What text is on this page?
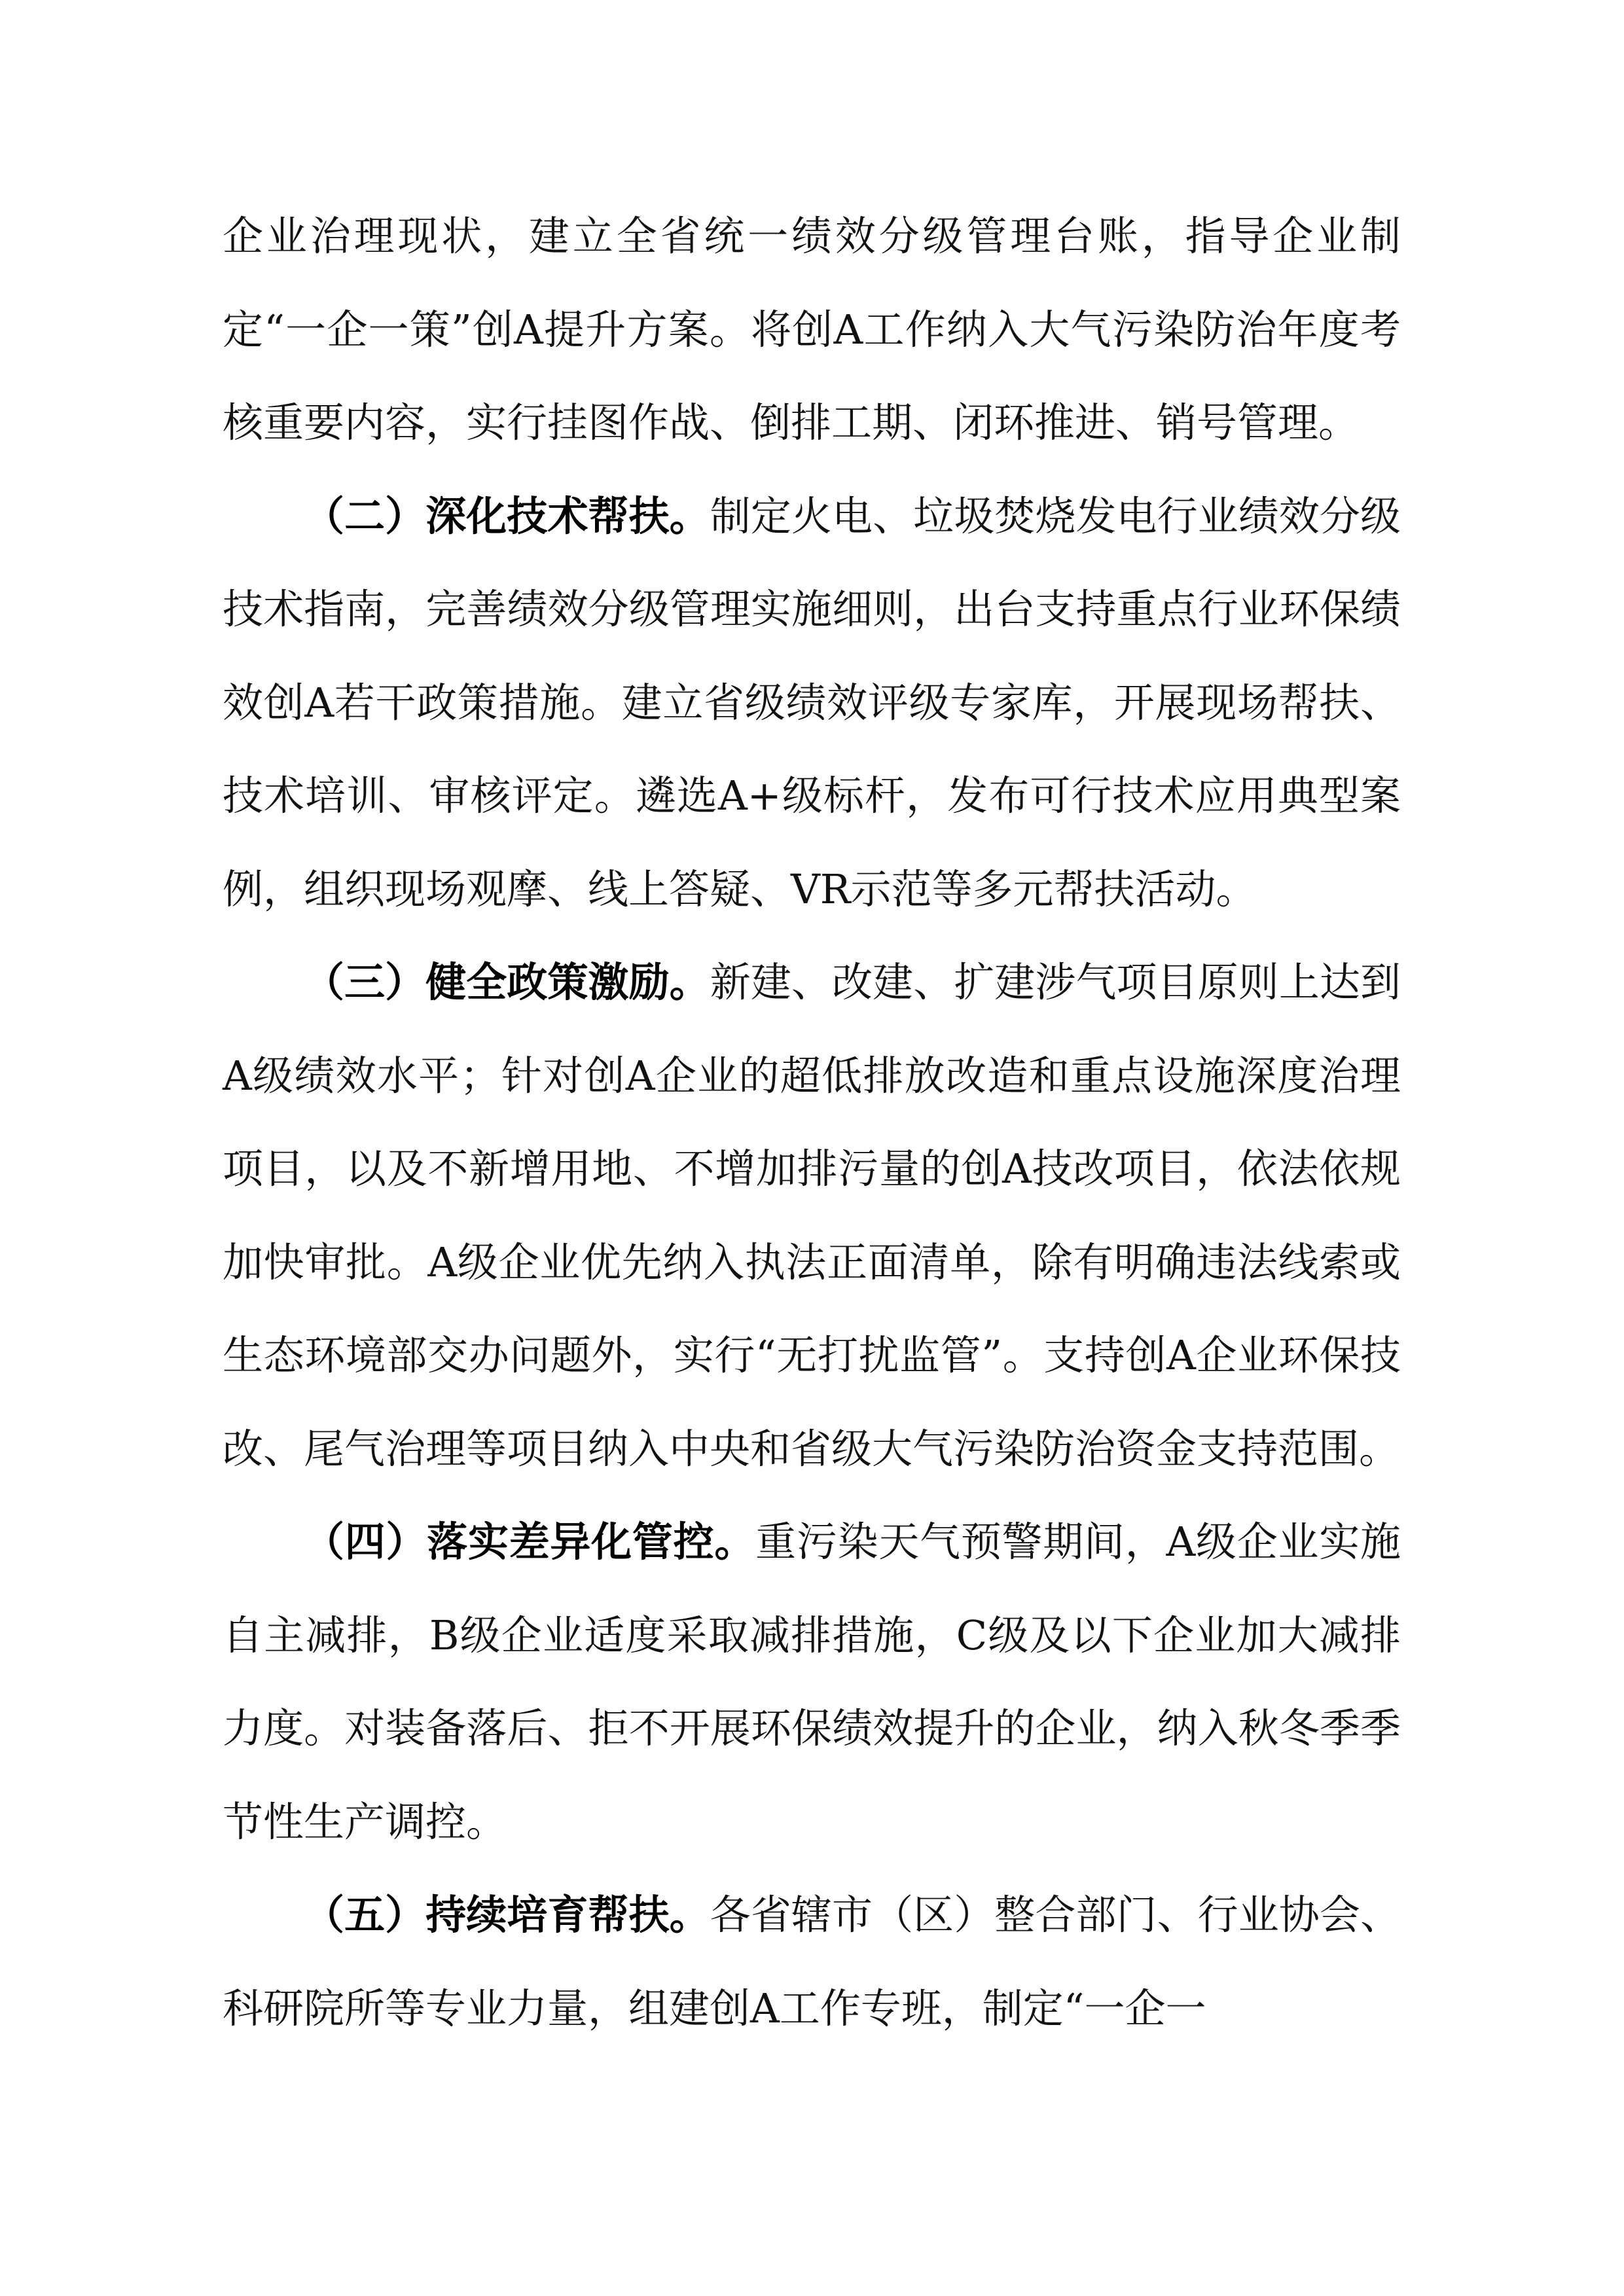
企业治理现状，建立全省统一绩效分级管理台账，指导企业制定“一企一策”创A提升方案。将创A工作纳入大气污染防治年度考核重要内容，实行挂图作战、倒排工期、闭环推进、销号管理。

（二）深化技术帮扶。制定火电、垃圾焚烧发电行业绩效分级技术指南，完善绩效分级管理实施细则，出台支持重点行业环保绩效创A若干政策措施。建立省级绩效评级专家库，开展现场帮扶、技术培训、审核评定。遴选A+级标杆，发布可行技术应用典型案例，组织现场观摩、线上答疑、VR示范等多元帮扶活动。

（三）健全政策激励。新建、改建、扩建涉气项目原则上达到A级绩效水平；针对创A企业的超低排放改造和重点设施深度治理项目，以及不新增用地、不增加排污量的创A技改项目，依法依规加快审批。A级企业优先纳入执法正面清单，除有明确违法线索或生态环境部交办问题外，实行“无打扰监管”。支持创A企业环保技改、尾气治理等项目纳入中央和省级大气污染防治资金支持范围。

（四）落实差异化管控。重污染天气预警期间，A级企业实施自主减排，B级企业适度采取减排措施，C级及以下企业加大减排力度。对装备落后、拒不开展环保绩效提升的企业，纳入秋冬季季节性生产调控。

（五）持续培育帮扶。各省辖市（区）整合部门、行业协会、科研院所等专业力量，组建创A工作专班，制定“一企一
